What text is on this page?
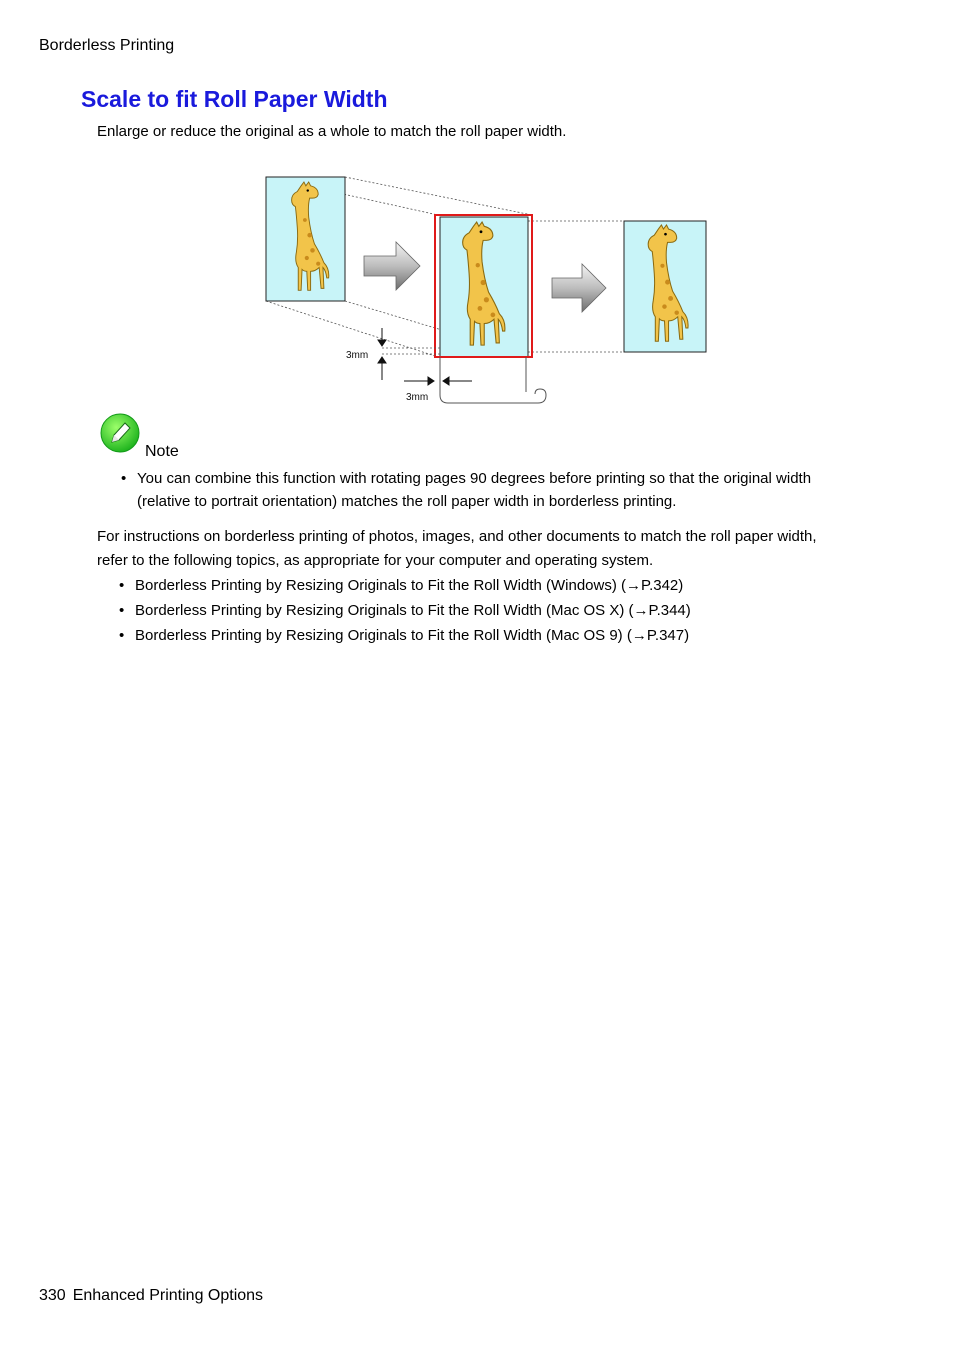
Borderless Printing
Scale to fit Roll Paper Width
Enlarge or reduce the original as a whole to match the roll paper width.
3mm
3mm
Note
• You can combine this function with rotating pages 90 degrees before printing so that the original width
(relative to portrait orientation) matches the roll paper width in borderless printing.
For instructions on borderless printing of photos, images, and other documents to match the roll paper width,
refer to the following topics, as appropriate for your computer and operating system.
• Borderless Printing by Resizing Originals to Fit the Roll Width (Windows) (→P.342)
• Borderless Printing by Resizing Originals to Fit the Roll Width (Mac OS X) (→P.344)
• Borderless Printing by Resizing Originals to Fit the Roll Width (Mac OS 9) (→P.347)
330 Enhanced Printing Options
